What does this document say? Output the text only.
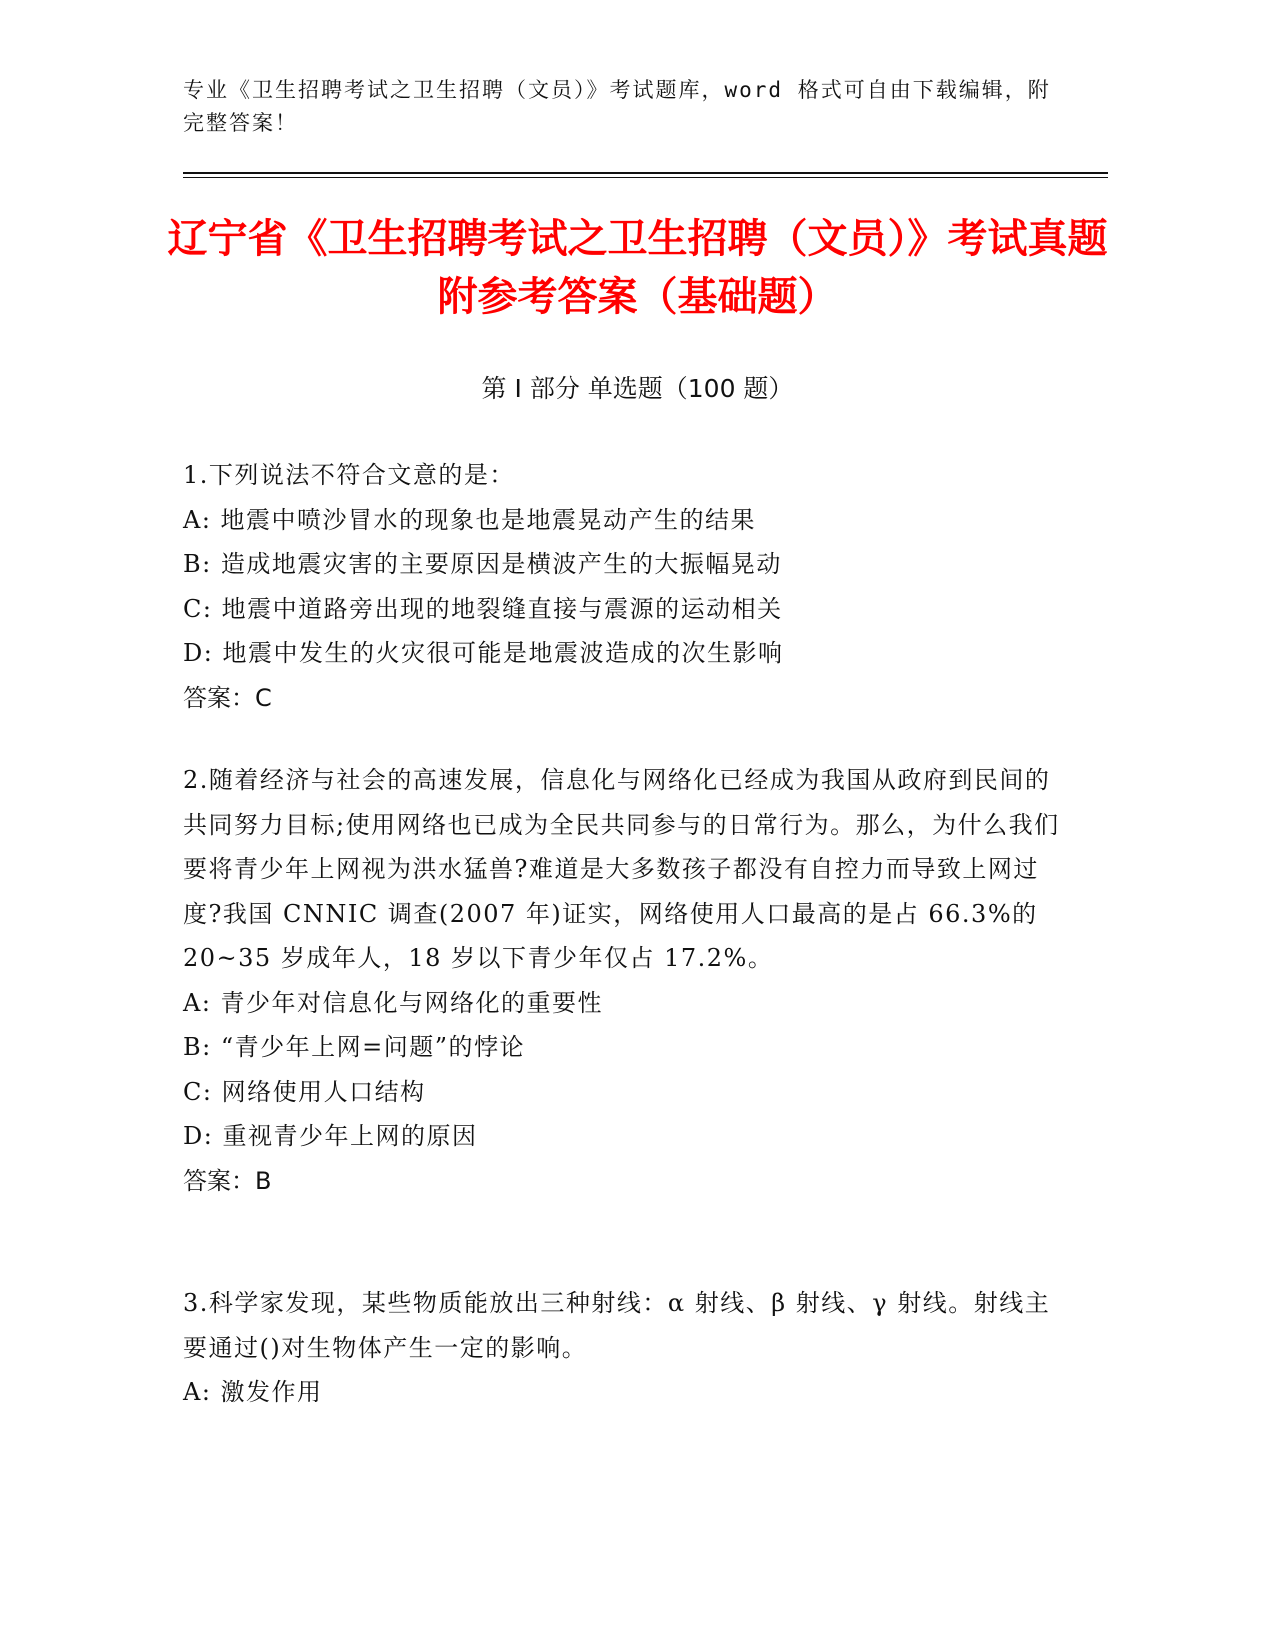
专业《卫生招聘考试之卫生招聘（文员）》考试题库，word 格式可自由下载编辑，附完整答案！
辽宁省《卫生招聘考试之卫生招聘（文员）》考试真题附参考答案（基础题）
第 I 部分 单选题（100 题）
1.下列说法不符合文意的是：
A: 地震中喷沙冒水的现象也是地震晃动产生的结果
B: 造成地震灾害的主要原因是横波产生的大振幅晃动
C: 地震中道路旁出现的地裂缝直接与震源的运动相关
D: 地震中发生的火灾很可能是地震波造成的次生影响
答案：C
2.随着经济与社会的高速发展，信息化与网络化已经成为我国从政府到民间的共同努力目标;使用网络也已成为全民共同参与的日常行为。那么，为什么我们要将青少年上网视为洪水猛兽?难道是大多数孩子都没有自控力而导致上网过度?我国 CNNIC 调查(2007 年)证实，网络使用人口最高的是占 66.3%的 20~35 岁成年人，18 岁以下青少年仅占 17.2%。
A: 青少年对信息化与网络化的重要性
B: “青少年上网=问题”的悖论
C: 网络使用人口结构
D: 重视青少年上网的原因
答案：B
3.科学家发现，某些物质能放出三种射线：α 射线、β 射线、γ 射线。射线主要通过()对生物体产生一定的影响。
A: 激发作用
